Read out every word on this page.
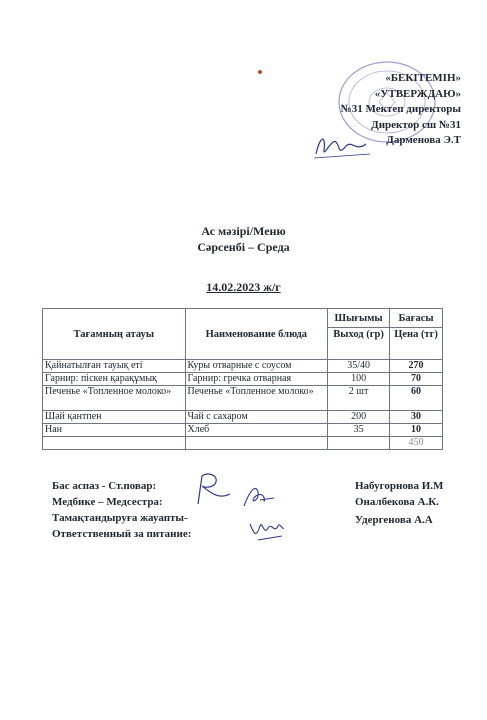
«БЕКІТЕМІН»
«УТВЕРЖДАЮ»
№31 Мектеп директоры
Директор сш №31
Дарменова Э.Т
Ас мәзірі/Меню
Сәрсенбі – Среда
14.02.2023 ж/г
Тағамның атауы	Наименование блюда	Шығымы	Бағасы
		Выход (гр)	Цена (тг)
Қайнатылған тауық еті	Куры отварные с соусом	35/40	270
Гарнир: піскен қарақұмық	Гарнир: гречка отварная	100	70
Печенье «Топленное молоко»	Печенье «Топленное молоко»	2 шт	60
Шәй қантпен	Чай с сахаром	200	30
Нан	Хлеб	35	10
			450
Бас аспаз - Ст.повар:
Медбике – Медсестра:
Тамақтандыруға жауапты-
Ответственный за питание:
Набугорнова И.М
Оналбекова А.К.

Удергенова А.А
